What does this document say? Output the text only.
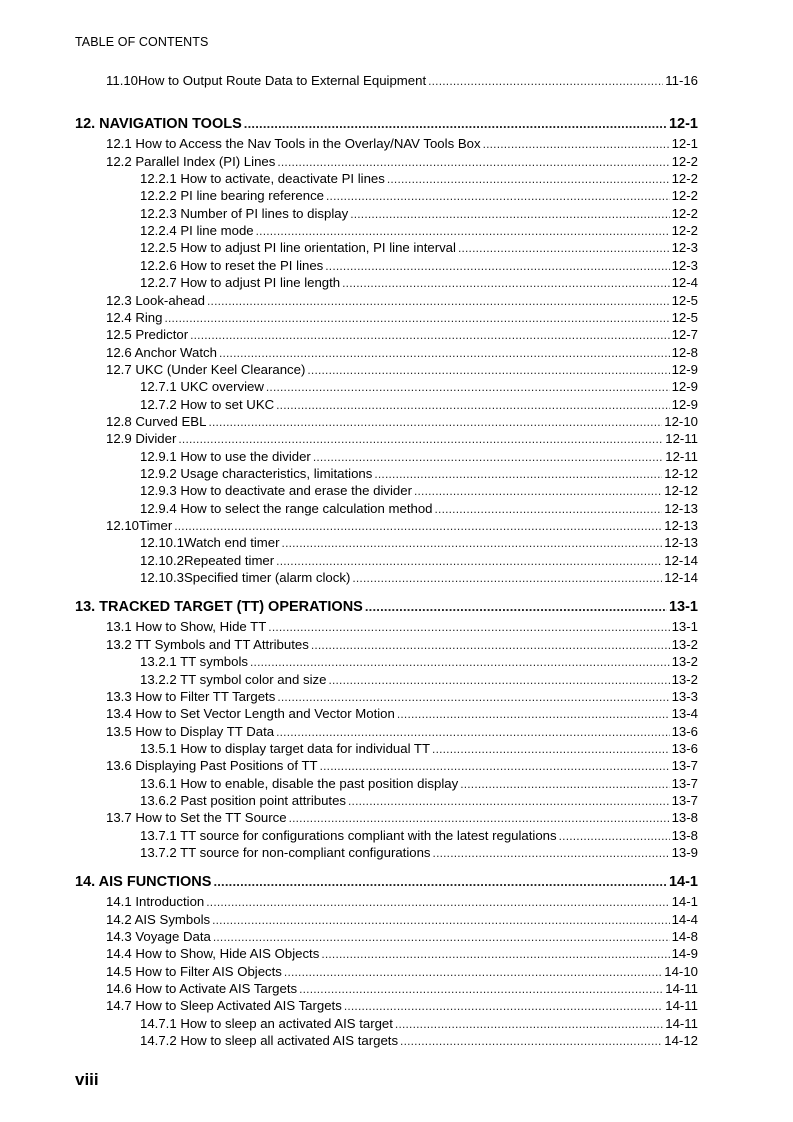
TABLE OF CONTENTS
11.10How to Output Route Data to External Equipment .....	11-16
12. NAVIGATION TOOLS .....	12-1
12.1 How to Access the Nav Tools in the Overlay/NAV Tools Box .....	12-1
12.2 Parallel Index (PI) Lines .....	12-2
12.2.1 How to activate, deactivate PI lines .....	12-2
12.2.2 PI line bearing reference .....	12-2
12.2.3 Number of PI lines to display .....	12-2
12.2.4 PI line mode .....	12-2
12.2.5 How to adjust PI line orientation, PI line interval .....	12-3
12.2.6 How to reset the PI lines .....	12-3
12.2.7 How to adjust PI line length .....	12-4
12.3 Look-ahead .....	12-5
12.4 Ring .....	12-5
12.5 Predictor .....	12-7
12.6 Anchor Watch .....	12-8
12.7 UKC (Under Keel Clearance) .....	12-9
12.7.1 UKC overview .....	12-9
12.7.2 How to set UKC .....	12-9
12.8 Curved EBL .....	12-10
12.9 Divider .....	12-11
12.9.1 How to use the divider .....	12-11
12.9.2 Usage characteristics, limitations .....	12-12
12.9.3 How to deactivate and erase the divider .....	12-12
12.9.4 How to select the range calculation method .....	12-13
12.10Timer .....	12-13
12.10.1Watch end timer .....	12-13
12.10.2Repeated timer .....	12-14
12.10.3Specified timer (alarm clock) .....	12-14
13. TRACKED TARGET (TT) OPERATIONS .....	13-1
13.1 How to Show, Hide TT .....	13-1
13.2 TT Symbols and TT Attributes .....	13-2
13.2.1 TT symbols .....	13-2
13.2.2 TT symbol color and size .....	13-2
13.3 How to Filter TT Targets .....	13-3
13.4 How to Set Vector Length and Vector Motion .....	13-4
13.5 How to Display TT Data .....	13-6
13.5.1 How to display target data for individual TT .....	13-6
13.6 Displaying Past Positions of TT .....	13-7
13.6.1 How to enable, disable the past position display .....	13-7
13.6.2 Past position point attributes .....	13-7
13.7 How to Set the TT Source .....	13-8
13.7.1 TT source for configurations compliant with the latest regulations .....	13-8
13.7.2 TT source for non-compliant configurations .....	13-9
14. AIS FUNCTIONS .....	14-1
14.1 Introduction .....	14-1
14.2 AIS Symbols .....	14-4
14.3 Voyage Data .....	14-8
14.4 How to Show, Hide AIS Objects .....	14-9
14.5 How to Filter AIS Objects .....	14-10
14.6 How to Activate AIS Targets .....	14-11
14.7 How to Sleep Activated AIS Targets .....	14-11
14.7.1 How to sleep an activated AIS target .....	14-11
14.7.2 How to sleep all activated AIS targets .....	14-12
viii
